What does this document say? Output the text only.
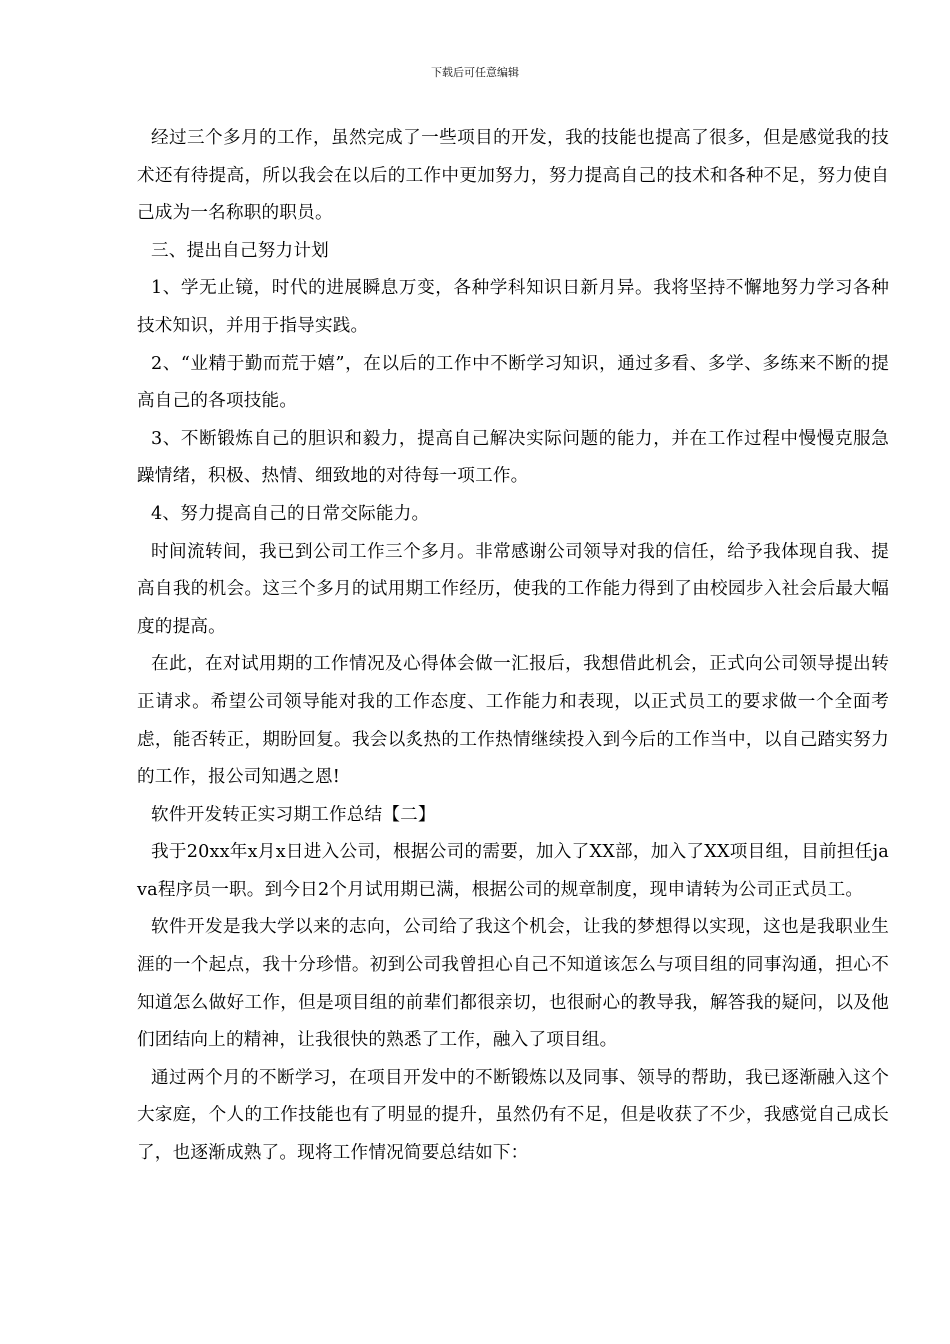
下载后可任意编辑

经过三个多月的工作，虽然完成了一些项目的开发，我的技能也提高了很多，但是感觉我的技术还有待提高，所以我会在以后的工作中更加努力，努力提高自己的技术和各种不足，努力使自己成为一名称职的职员。

三、提出自己努力计划

1、学无止镜，时代的进展瞬息万变，各种学科知识日新月异。我将坚持不懈地努力学习各种技术知识，并用于指导实践。

2、“业精于勤而荒于嬉”，在以后的工作中不断学习知识，通过多看、多学、多练来不断的提高自己的各项技能。

3、不断锻炼自己的胆识和毅力，提高自己解决实际问题的能力，并在工作过程中慢慢克服急躁情绪，积极、热情、细致地的对待每一项工作。

4、努力提高自己的日常交际能力。

时间流转间，我已到公司工作三个多月。非常感谢公司领导对我的信任，给予我体现自我、提高自我的机会。这三个多月的试用期工作经历，使我的工作能力得到了由校园步入社会后最大幅度的提高。

在此，在对试用期的工作情况及心得体会做一汇报后，我想借此机会，正式向公司领导提出转正请求。希望公司领导能对我的工作态度、工作能力和表现，以正式员工的要求做一个全面考虑，能否转正，期盼回复。我会以炙热的工作热情继续投入到今后的工作当中，以自己踏实努力的工作，报公司知遇之恩!

软件开发转正实习期工作总结【二】

我于20xx年x月x日进入公司，根据公司的需要，加入了XX部，加入了XX项目组，目前担任java程序员一职。到今日2个月试用期已满，根据公司的规章制度，现申请转为公司正式员工。

软件开发是我大学以来的志向，公司给了我这个机会，让我的梦想得以实现，这也是我职业生涯的一个起点，我十分珍惜。初到公司我曾担心自己不知道该怎么与项目组的同事沟通，担心不知道怎么做好工作，但是项目组的前辈们都很亲切，也很耐心的教导我，解答我的疑问，以及他们团结向上的精神，让我很快的熟悉了工作，融入了项目组。

通过两个月的不断学习，在项目开发中的不断锻炼以及同事、领导的帮助，我已逐渐融入这个大家庭，个人的工作技能也有了明显的提升，虽然仍有不足，但是收获了不少，我感觉自己成长了，也逐渐成熟了。现将工作情况简要总结如下：
